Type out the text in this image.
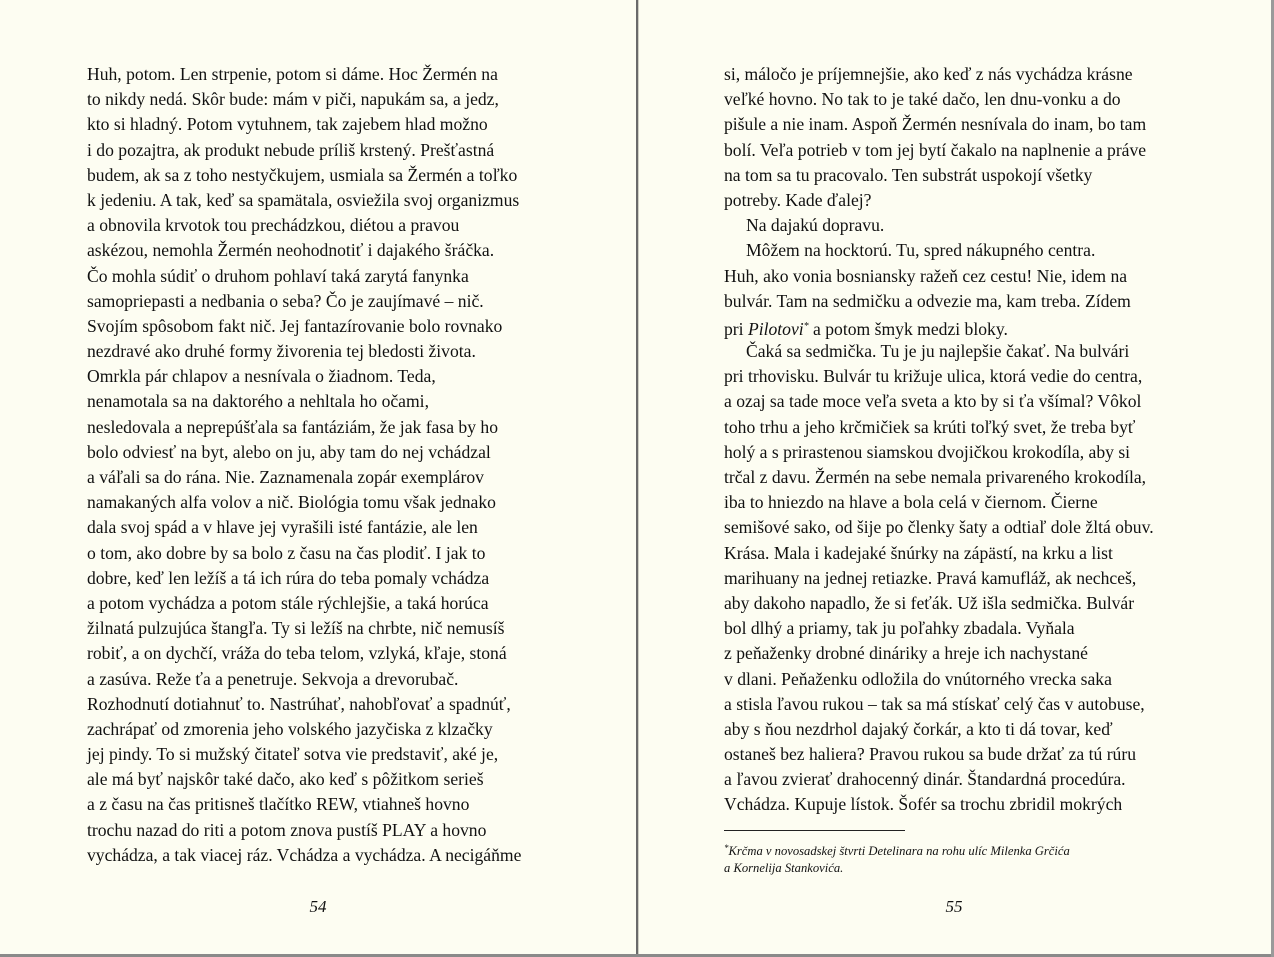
Huh, potom. Len strpenie, potom si dáme. Hoc Žermén na
to nikdy nedá. Skôr bude: mám v piči, napukám sa, a jedz,
kto si hladný. Potom vytuhnem, tak zajebem hlad možno
i do pozajtra, ak produkt nebude príliš krstený. Prešťastná
budem, ak sa z toho nestyčkujem, usmiala sa Žermén a toľko
k jedeniu. A tak, keď sa spamätala, osviežila svoj organizmus
a obnovila krvotok tou prechádzkou, diétou a pravou
askézou, nemohla Žermén neohodnotiť i dajakého šráčka.
Čo mohla súdiť o druhom pohlaví taká zarytá fanynka
samopriepasti a nedbania o seba? Čo je zaujímavé – nič.
Svojím spôsobom fakt nič. Jej fantazírovanie bolo rovnako
nezdravé ako druhé formy živorenia tej bledosti života.
Omrkla pár chlapov a nesnívala o žiadnom. Teda,
nenamotala sa na daktorého a nehltala ho očami,
nesledovala a neprepúšťala sa fantáziám, že jak fasa by ho
bolo odviesť na byt, alebo on ju, aby tam do nej vchádzal
a váľali sa do rána. Nie. Zaznamenala zopár exemplárov
namakaných alfa volov a nič. Biológia tomu však jednako
dala svoj spád a v hlave jej vyrašili isté fantázie, ale len
o tom, ako dobre by sa bolo z času na čas plodiť. I jak to
dobre, keď len ležíš a tá ich rúra do teba pomaly vchádza
a potom vychádza a potom stále rýchlejšie, a taká horúca
žilnatá pulzujúca štangľa. Ty si ležíš na chrbte, nič nemusíš
robiť, a on dychčí, vráža do teba telom, vzlyká, kľaje, stoná
a zasúva. Reže ťa a penetruje. Sekvoja a drevorubač.
Rozhodnutí dotiahnuť to. Nastrúhať, nahobľovať a spadnúť,
zachrápať od zmorenia jeho volského jazyčiska z klzačky
jej pindy. To si mužský čitateľ sotva vie predstaviť, aké je,
ale má byť najskôr také dačo, ako keď s pôžitkom serieš
a z času na čas pritisneš tlačítko REW, vtiahneš hovno
trochu nazad do riti a potom znova pustíš PLAY a hovno
vychádza, a tak viacej ráz. Vchádza a vychádza. A necigáňme
54
si, máločo je príjemnejšie, ako keď z nás vychádza krásne
veľké hovno. No tak to je také dačo, len dnu-vonku a do
pišule a nie inam. Aspoň Žermén nesnívala do inam, bo tam
bolí. Veľa potrieb v tom jej bytí čakalo na naplnenie a práve
na tom sa tu pracovalo. Ten substrát uspokojí všetky
potreby. Kade ďalej?
Na dajakú dopravu.
Môžem na hocktorú. Tu, spred nákupného centra.
Huh, ako vonia bosniansky ražeň cez cestu! Nie, idem na
bulvár. Tam na sedmičku a odvezie ma, kam treba. Zídem
pri Pilotovi* a potom šmyk medzi bloky.
Čaká sa sedmička. Tu je ju najlepšie čakať. Na bulvári
pri trhovisku. Bulvár tu križuje ulica, ktorá vedie do centra,
a ozaj sa tade moce veľa sveta a kto by si ťa všímal? Vôkol
toho trhu a jeho krčmičiek sa krúti toľký svet, že treba byť
holý a s prirastenou siamskou dvojičkou krokodíla, aby si
trčal z davu. Žermén na sebe nemala privareného krokodíla,
iba to hniezdo na hlave a bola celá v čiernom. Čierne
semišové sako, od šije po členky šaty a odtiaľ dole žltá obuv.
Krása. Mala i kadejaké šnúrky na zápästí, na krku a list
marihuany na jednej retiazke. Pravá kamufláž, ak nechceš,
aby dakoho napadlo, že si feťák. Už išla sedmička. Bulvár
bol dlhý a priamy, tak ju poľahky zbadala. Vyňala
z peňaženky drobné dináriky a hreje ich nachystané
v dlani. Peňaženku odložila do vnútorného vrecka saka
a stisla ľavou rukou – tak sa má stískať celý čas v autobuse,
aby s ňou nezdrhol dajaký čorkár, a kto ti dá tovar, keď
ostaneš bez haliera? Pravou rukou sa bude držať za tú rúru
a ľavou zvierať drahocenný dinár. Štandardná procedúra.
Vchádza. Kupuje lístok. Šofér sa trochu zbridil mokrých
*Krčma v novosadskej štvrti Detelinara na rohu ulíc Milenka Grčića
a Kornelija Stankovića.
55
